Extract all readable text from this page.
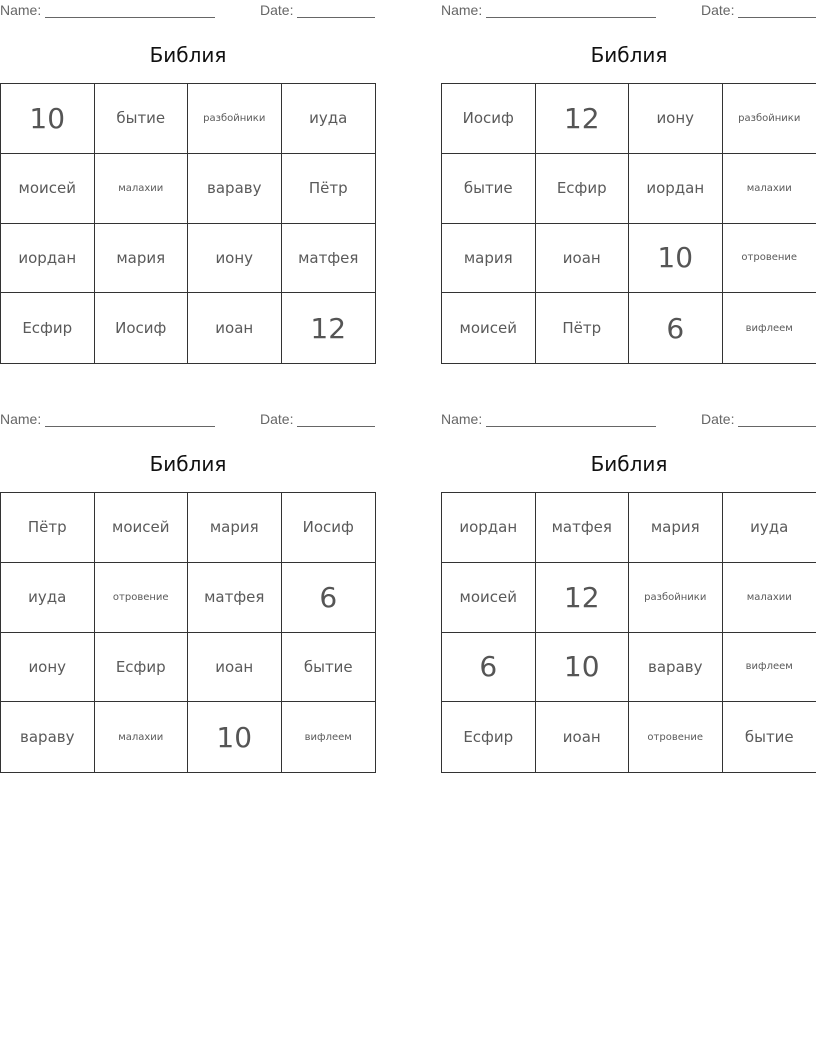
Name:	Date:
Библия
10	бытие	разбойники	иуда
моисей	малахии	вараву	Пётр
иордан	мария	иону	матфея
Есфир	Иосиф	иоан	12
Name:	Date:
Библия
Иосиф	12	иону	разбойники
бытие	Есфир	иордан	малахии
мария	иоан	10	отровение
моисей	Пётр	6	вифлеем
Name:	Date:
Библия
Пётр	моисей	мария	Иосиф
иуда	отровение	матфея	6
иону	Есфир	иоан	бытие
вараву	малахии	10	вифлеем
Name:	Date:
Библия
иордан	матфея	мария	иуда
моисей	12	разбойники	малахии
6	10	вараву	вифлеем
Есфир	иоан	отровение	бытие
